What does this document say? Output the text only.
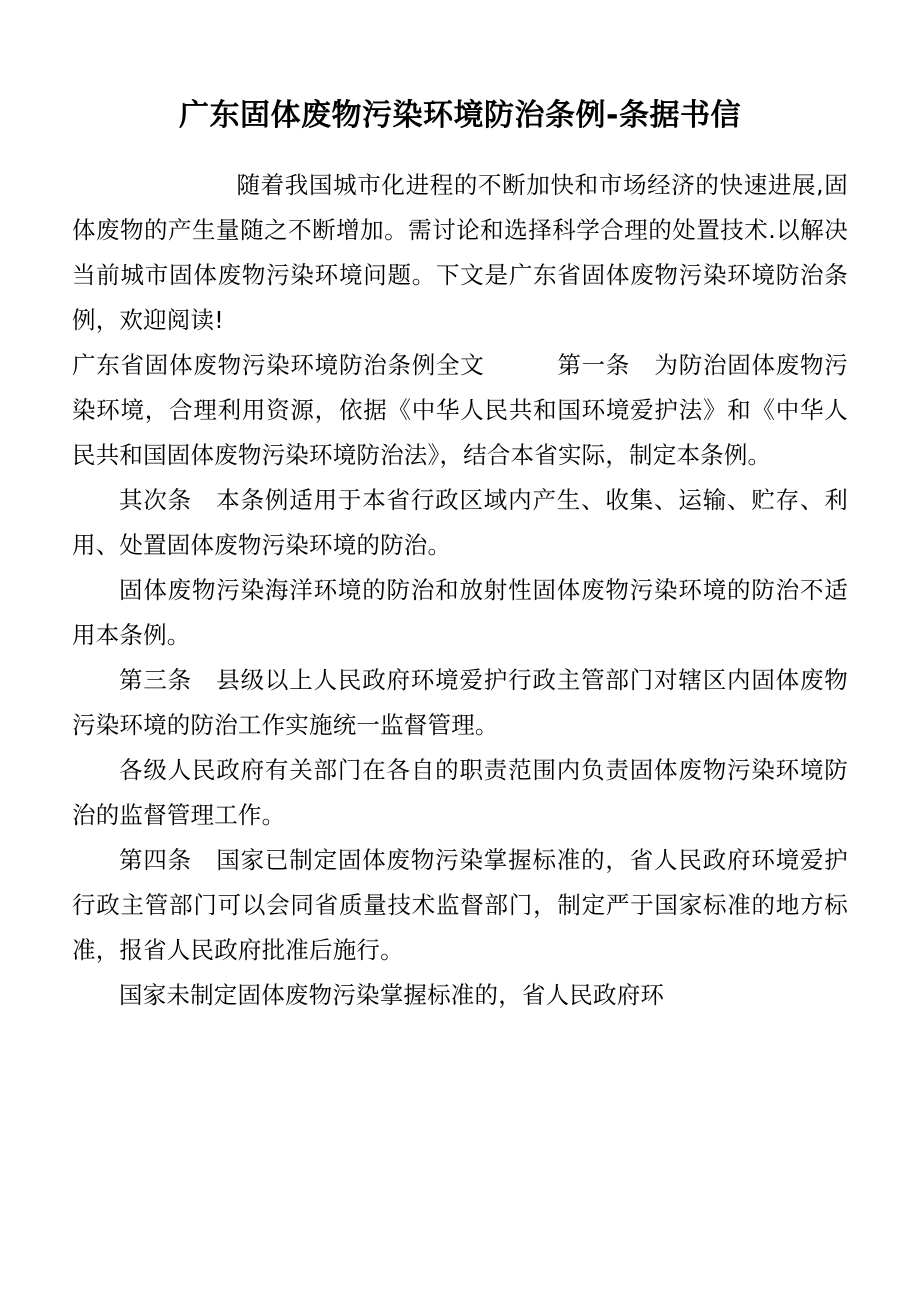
广东固体废物污染环境防治条例-条据书信

随着我国城市化进程的不断加快和市场经济的快速进展,固体废物的产生量随之不断增加。需讨论和选择科学合理的处置技术.以解决当前城市固体废物污染环境问题。下文是广东省固体废物污染环境防治条例，欢迎阅读!

广东省固体废物污染环境防治条例全文　　　第一条　为防治固体废物污染环境，合理利用资源，依据《中华人民共和国环境爱护法》和《中华人民共和国固体废物污染环境防治法》，结合本省实际，制定本条例。

其次条　本条例适用于本省行政区域内产生、收集、运输、贮存、利用、处置固体废物污染环境的防治。

固体废物污染海洋环境的防治和放射性固体废物污染环境的防治不适用本条例。

第三条　县级以上人民政府环境爱护行政主管部门对辖区内固体废物污染环境的防治工作实施统一监督管理。

各级人民政府有关部门在各自的职责范围内负责固体废物污染环境防治的监督管理工作。

第四条　国家已制定固体废物污染掌握标准的，省人民政府环境爱护行政主管部门可以会同省质量技术监督部门，制定严于国家标准的地方标准，报省人民政府批准后施行。

国家未制定固体废物污染掌握标准的，省人民政府环
